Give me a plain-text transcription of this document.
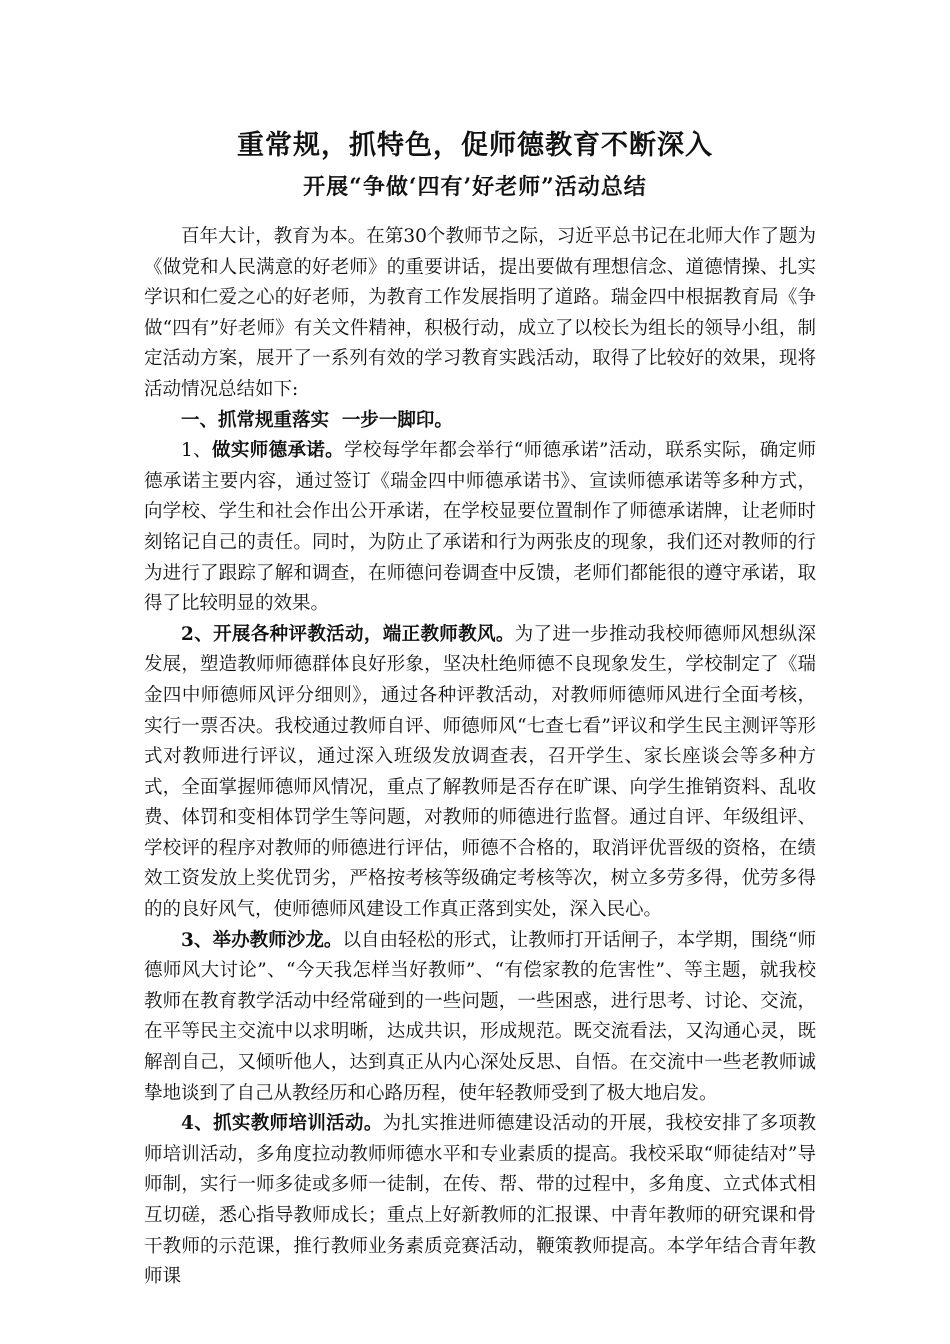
重常规，抓特色，促师德教育不断深入
开展“争做‘四有’好老师”活动总结

百年大计，教育为本。在第30个教师节之际，习近平总书记在北师大作了题为《做党和人民满意的好老师》的重要讲话，提出要做有理想信念、道德情操、扎实学识和仁爱之心的好老师，为教育工作发展指明了道路。瑞金四中根据教育局《争做“四有”好老师》有关文件精神，积极行动，成立了以校长为组长的领导小组，制定活动方案，展开了一系列有效的学习教育实践活动，取得了比较好的效果，现将活动情况总结如下:

一、抓常规重落实  一步一脚印。

1、做实师德承诺。学校每学年都会举行“师德承诺”活动，联系实际，确定师德承诺主要内容，通过签订《瑞金四中师德承诺书》、宣读师德承诺等多种方式，向学校、学生和社会作出公开承诺，在学校显要位置制作了师德承诺牌，让老师时刻铭记自己的责任。同时，为防止了承诺和行为两张皮的现象，我们还对教师的行为进行了跟踪了解和调查，在师德问卷调查中反馈，老师们都能很的遵守承诺，取得了比较明显的效果。

2、开展各种评教活动，端正教师教风。为了进一步推动我校师德师风想纵深发展，塑造教师师德群体良好形象，坚决杜绝师德不良现象发生，学校制定了《瑞金四中师德师风评分细则》，通过各种评教活动，对教师师德师风进行全面考核，实行一票否决。我校通过教师自评、师德师风“七查七看”评议和学生民主测评等形式对教师进行评议，通过深入班级发放调查表，召开学生、家长座谈会等多种方式，全面掌握师德师风情况，重点了解教师是否存在旷课、向学生推销资料、乱收费、体罚和变相体罚学生等问题，对教师的师德进行监督。通过自评、年级组评、学校评的程序对教师的师德进行评估，师德不合格的，取消评优晋级的资格，在绩效工资发放上奖优罚劣，严格按考核等级确定考核等次，树立多劳多得，优劳多得的的良好风气，使师德师风建设工作真正落到实处，深入民心。

3、举办教师沙龙。以自由轻松的形式，让教师打开话闸子，本学期，围绕“师德师风大讨论”、“今天我怎样当好教师”、“有偿家教的危害性”、等主题，就我校教师在教育教学活动中经常碰到的一些问题，一些困惑，进行思考、讨论、交流，在平等民主交流中以求明晰，达成共识，形成规范。既交流看法，又沟通心灵，既解剖自己，又倾听他人，达到真正从内心深处反思、自悟。在交流中一些老教师诚挚地谈到了自己从教经历和心路历程，使年轻教师受到了极大地启发。

4、抓实教师培训活动。为扎实推进师德建设活动的开展，我校安排了多项教师培训活动，多角度拉动教师师德水平和专业素质的提高。我校采取“师徒结对”导师制，实行一师多徒或多师一徒制，在传、帮、带的过程中，多角度、立式体式相互切磋，悉心指导教师成长；重点上好新教师的汇报课、中青年教师的研究课和骨干教师的示范课，推行教师业务素质竞赛活动，鞭策教师提高。本学年结合青年教师课
